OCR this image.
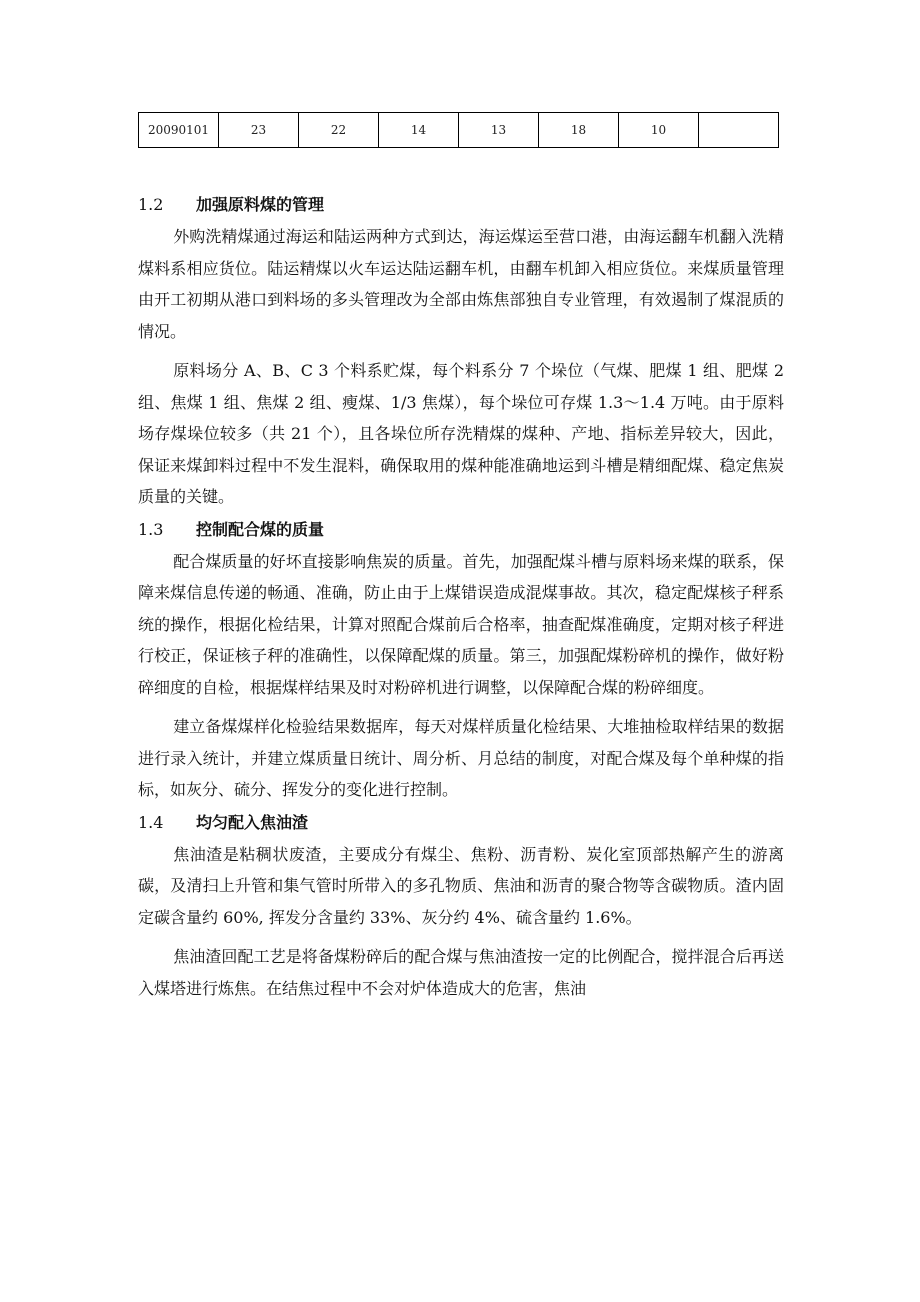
20090101	23	22	14	13	18	10	
1.2 加强原料煤的管理

外购洗精煤通过海运和陆运两种方式到达，海运煤运至营口港，由海运翻车机翻入洗精煤料系相应货位。陆运精煤以火车运达陆运翻车机，由翻车机卸入相应货位。来煤质量管理由开工初期从港口到料场的多头管理改为全部由炼焦部独自专业管理，有效遏制了煤混质的情况。

原料场分 A、B、C 3 个料系贮煤，每个料系分 7 个垛位（气煤、肥煤 1 组、肥煤 2 组、焦煤 1 组、焦煤 2 组、瘦煤、1/3 焦煤），每个垛位可存煤 1.3～1.4 万吨。由于原料场存煤垛位较多（共 21 个），且各垛位所存洗精煤的煤种、产地、指标差异较大，因此，保证来煤卸料过程中不发生混料，确保取用的煤种能准确地运到斗槽是精细配煤、稳定焦炭质量的关键。

1.3 控制配合煤的质量

配合煤质量的好坏直接影响焦炭的质量。首先，加强配煤斗槽与原料场来煤的联系，保障来煤信息传递的畅通、准确，防止由于上煤错误造成混煤事故。其次，稳定配煤核子秤系统的操作，根据化检结果，计算对照配合煤前后合格率，抽查配煤准确度，定期对核子秤进行校正，保证核子秤的准确性，以保障配煤的质量。第三，加强配煤粉碎机的操作，做好粉碎细度的自检，根据煤样结果及时对粉碎机进行调整，以保障配合煤的粉碎细度。

建立备煤煤样化检验结果数据库，每天对煤样质量化检结果、大堆抽检取样结果的数据进行录入统计，并建立煤质量日统计、周分析、月总结的制度，对配合煤及每个单种煤的指标，如灰分、硫分、挥发分的变化进行控制。

1.4 均匀配入焦油渣

焦油渣是粘稠状废渣，主要成分有煤尘、焦粉、沥青粉、炭化室顶部热解产生的游离碳，及清扫上升管和集气管时所带入的多孔物质、焦油和沥青的聚合物等含碳物质。渣内固定碳含量约 60%, 挥发分含量约 33%、灰分约 4%、硫含量约 1.6%。

焦油渣回配工艺是将备煤粉碎后的配合煤与焦油渣按一定的比例配合，搅拌混合后再送入煤塔进行炼焦。在结焦过程中不会对炉体造成大的危害，焦油
